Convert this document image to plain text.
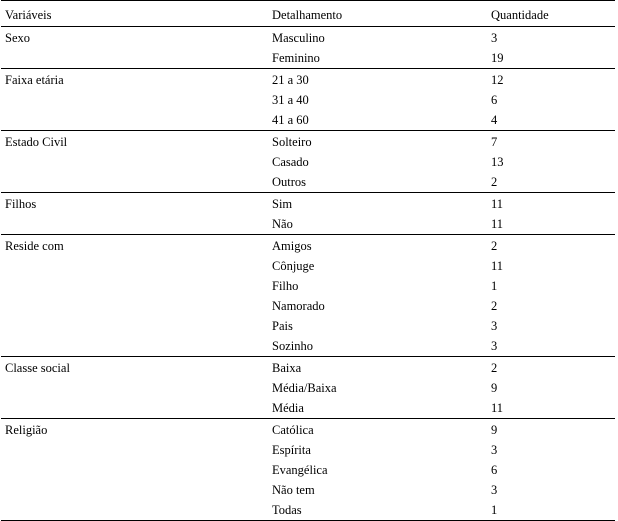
Variáveis	Detalhamento	Quantidade
Sexo	Masculino	3
	Feminino	19
Faixa etária	21 a 30	12
	31 a 40	6
	41 a 60	4
Estado Civil	Solteiro	7
	Casado	13
	Outros	2
Filhos	Sim	11
	Não	11
Reside com	Amigos	2
	Cônjuge	11
	Filho	1
	Namorado	2
	Pais	3
	Sozinho	3
Classe social	Baixa	2
	Média/Baixa	9
	Média	11
Religião	Católica	9
	Espírita	3
	Evangélica	6
	Não tem	3
	Todas	1
